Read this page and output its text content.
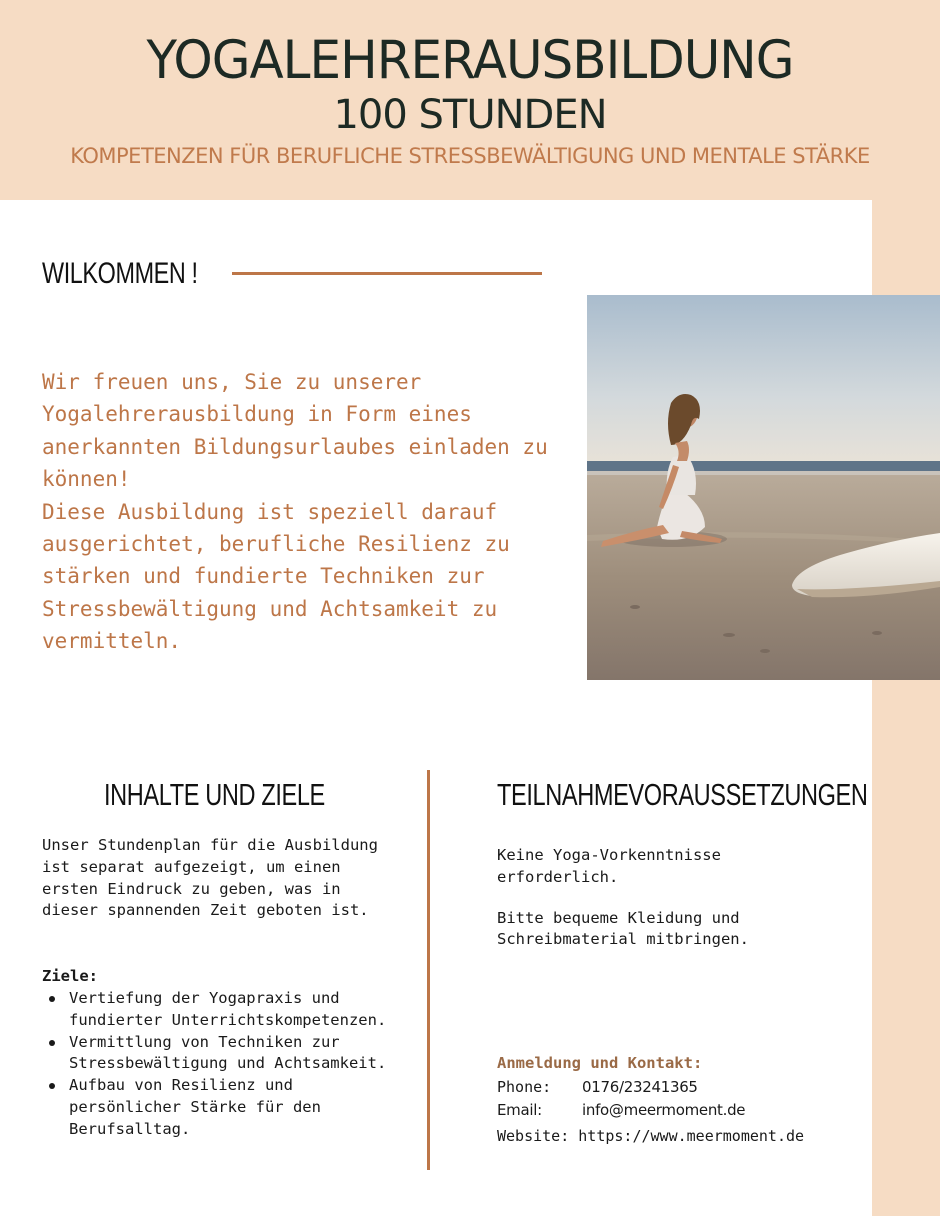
YOGALEHRERAUSBILDUNG
100 STUNDEN
KOMPETENZEN FÜR BERUFLICHE STRESSBEWÄLTIGUNG UND MENTALE STÄRKE
WILKOMMEN !

Wir freuen uns, Sie zu unserer Yogalehrerausbildung in Form eines anerkannten Bildungsurlaubes einladen zu können!

Diese Ausbildung ist speziell darauf ausgerichtet, berufliche Resilienz zu stärken und fundierte Techniken zur Stressbewältigung und Achtsamkeit zu vermitteln.

INHALTE UND ZIELE	TEILNAHMEVORAUSSETZUNGEN

Unser Stundenplan für die Ausbildung ist separat aufgezeigt, um einen ersten Eindruck zu geben, was in dieser spannenden Zeit geboten ist.

Ziele:
Vertiefung der Yogapraxis und fundierter Unterrichtskompetenzen.
Vermittlung von Techniken zur Stressbewältigung und Achtsamkeit.
Aufbau von Resilienz und persönlicher Stärke für den Berufsalltag.

Keine Yoga-Vorkenntnisse erforderlich.

Bitte bequeme Kleidung und Schreibmaterial mitbringen.

Anmeldung und Kontakt:
Phone: 0176/23241365
Email:	info@meermoment.de
Website: https://www.meermoment.de
